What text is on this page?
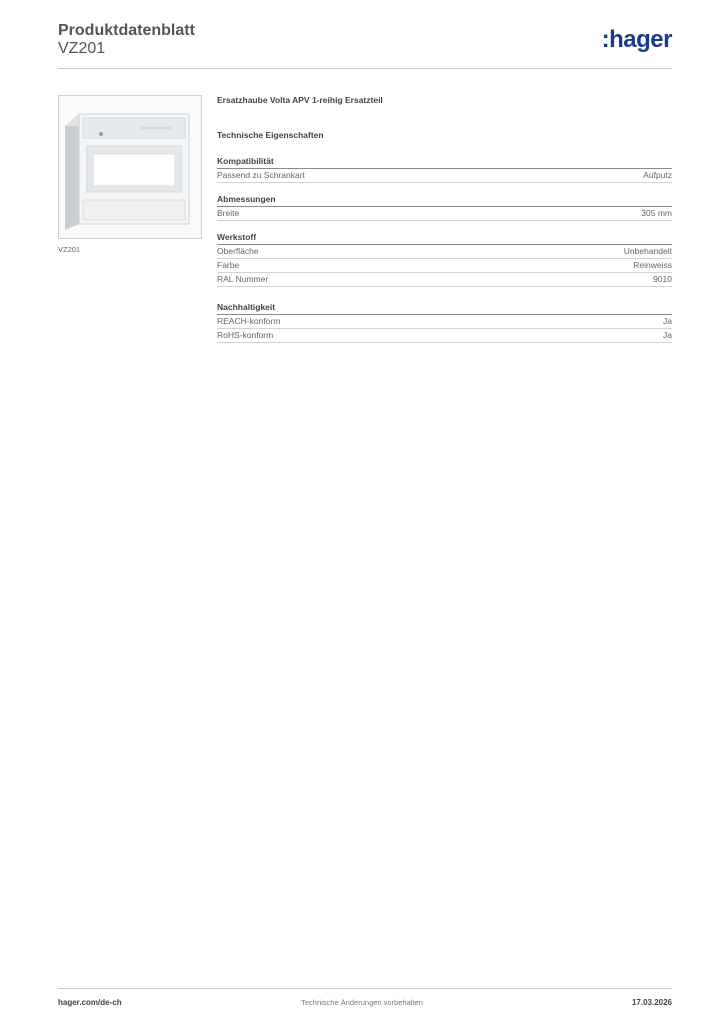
Produktdatenblatt
VZ201	:hager
VZ201
Ersatzhaube Volta APV 1-reihig Ersatzteil
Technische Eigenschaften
Kompatibilität
Passend zu Schrankart	Aufputz
Abmessungen
Breite	305 mm
Werkstoff
Oberfläche	Unbehandelt
Farbe	Reinweiss
RAL Nummer	9010
Nachhaltigkeit
REACH-konform	Ja
RoHS-konform	Ja
hager.com/de-ch	Technische Änderungen vorbehalten	17.03.2026
